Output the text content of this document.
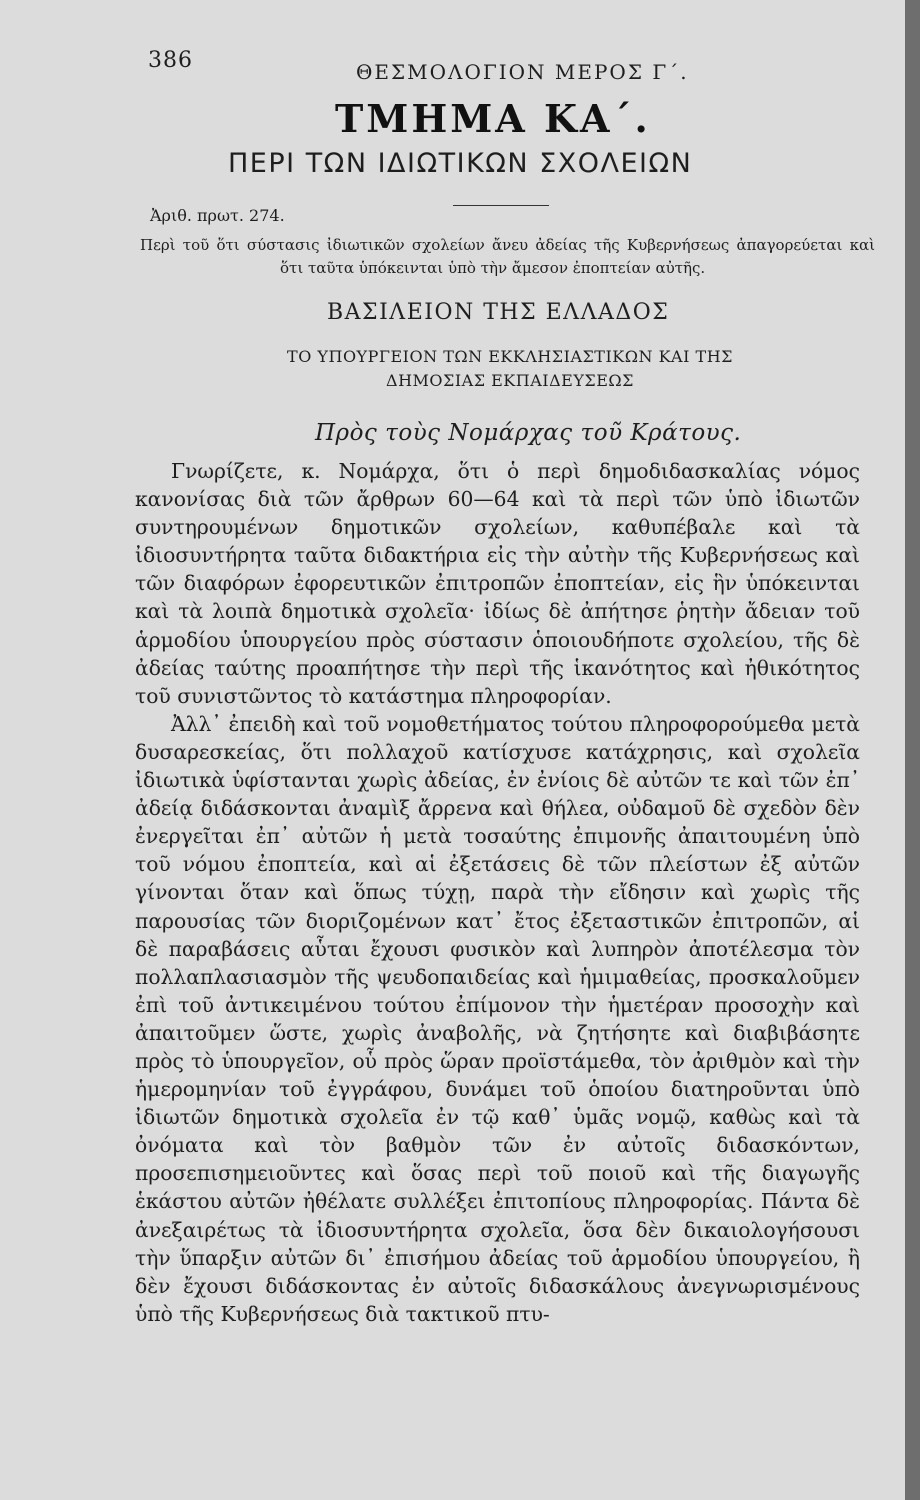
386	ΘΕΣΜΟΛΟΓΙΟΝ ΜΕΡΟΣ Γ΄.
ΤΜΗΜΑ ΚΑ΄.
ΠΕΡΙ ΤΩΝ ΙΔΙΩΤΙΚΩΝ ΣΧΟΛΕΙΩΝ
Ἀριθ. πρωτ. 274.
Περὶ τοῦ ὅτι σύστασις ἰδιωτικῶν σχολείων ἄνευ ἀδείας τῆς Κυβερνήσεως ἀπαγορεύεται καὶ ὅτι ταῦτα ὑπόκεινται ὑπὸ τὴν ἄμεσον ἐποπτείαν αὐτῆς.
ΒΑΣΙΛΕΙΟΝ ΤΗΣ ΕΛΛΑΔΟΣ
ΤΟ ΥΠΟΥΡΓΕΙΟΝ ΤΩΝ ΕΚΚΛΗΣΙΑΣΤΙΚΩΝ ΚΑΙ ΤΗΣ
ΔΗΜΟΣΙΑΣ ΕΚΠΑΙΔΕΥΣΕΩΣ
Πρὸς τοὺς Νομάρχας τοῦ Κράτους.

Γνωρίζετε, κ. Νομάρχα, ὅτι ὁ περὶ δημοδιδασκαλίας νόμος κανονίσας διὰ τῶν ἄρθρων 60—64 καὶ τὰ περὶ τῶν ὑπὸ ἰδιωτῶν συντηρουμένων δημοτικῶν σχολείων, καθυπέβαλε καὶ τὰ ἰδιοσυντήρητα ταῦτα διδακτήρια εἰς τὴν αὐτὴν τῆς Κυβερνήσεως καὶ τῶν διαφόρων ἐφορευτικῶν ἐπιτροπῶν ἐποπτείαν, εἰς ἣν ὑπόκεινται καὶ τὰ λοιπὰ δημοτικὰ σχολεῖα· ἰδίως δὲ ἀπήτησε ῥητὴν ἄδειαν τοῦ ἁρμοδίου ὑπουργείου πρὸς σύστασιν ὁποιουδήποτε σχολείου, τῆς δὲ ἀδείας ταύτης προαπήτησε τὴν περὶ τῆς ἱκανότητος καὶ ἠθικότητος τοῦ συνιστῶντος τὸ κατάστημα πληροφορίαν.

Ἀλλ᾽ ἐπειδὴ καὶ τοῦ νομοθετήματος τούτου πληροφορούμεθα μετὰ δυσαρεσκείας, ὅτι πολλαχοῦ κατίσχυσε κατάχρησις, καὶ σχολεῖα ἰδιωτικὰ ὑφίστανται χωρὶς ἀδείας, ἐν ἐνίοις δὲ αὐτῶν τε καὶ τῶν ἐπ᾽ ἀδείᾳ διδάσκονται ἀναμὶξ ἄρρενα καὶ θήλεα, οὐδαμοῦ δὲ σχεδὸν δὲν ἐνεργεῖται ἐπ᾽ αὐτῶν ἡ μετὰ τοσαύτης ἐπιμονῆς ἀπαιτουμένη ὑπὸ τοῦ νόμου ἐποπτεία, καὶ αἱ ἐξετάσεις δὲ τῶν πλείστων ἐξ αὐτῶν γίνονται ὅταν καὶ ὅπως τύχῃ, παρὰ τὴν εἴδησιν καὶ χωρὶς τῆς παρουσίας τῶν διοριζομένων κατ᾽ ἔτος ἐξεταστικῶν ἐπιτροπῶν, αἱ δὲ παραβάσεις αὗται ἔχουσι φυσικὸν καὶ λυπηρὸν ἀποτέλεσμα τὸν πολλαπλασιασμὸν τῆς ψευδοπαιδείας καὶ ἡμιμαθείας, προσκαλοῦμεν ἐπὶ τοῦ ἀντικειμένου τούτου ἐπίμονον τὴν ἡμετέραν προσοχὴν καὶ ἀπαιτοῦμεν ὥστε, χωρὶς ἀναβολῆς, νὰ ζητήσητε καὶ διαβιβάσητε πρὸς τὸ ὑπουργεῖον, οὗ πρὸς ὥραν προϊστάμεθα, τὸν ἀριθμὸν καὶ τὴν ἡμερομηνίαν τοῦ ἐγγράφου, δυνάμει τοῦ ὁποίου διατηροῦνται ὑπὸ ἰδιωτῶν δημοτικὰ σχολεῖα ἐν τῷ καθ᾽ ὑμᾶς νομῷ, καθὼς καὶ τὰ ὀνόματα καὶ τὸν βαθμὸν τῶν ἐν αὐτοῖς διδασκόντων, προσεπισημειοῦντες καὶ ὅσας περὶ τοῦ ποιοῦ καὶ τῆς διαγωγῆς ἑκάστου αὐτῶν ἠθέλατε συλλέξει ἐπιτοπίους πληροφορίας. Πάντα δὲ ἀνεξαιρέτως τὰ ἰδιοσυντήρητα σχολεῖα, ὅσα δὲν δικαιολογήσουσι τὴν ὕπαρξιν αὐτῶν δι᾽ ἐπισήμου ἀδείας τοῦ ἁρμοδίου ὑπουργείου, ἢ δὲν ἔχουσι διδάσκοντας ἐν αὐτοῖς διδασκάλους ἀνεγνωρισμένους ὑπὸ τῆς Κυβερνήσεως διὰ τακτικοῦ πτυ-
